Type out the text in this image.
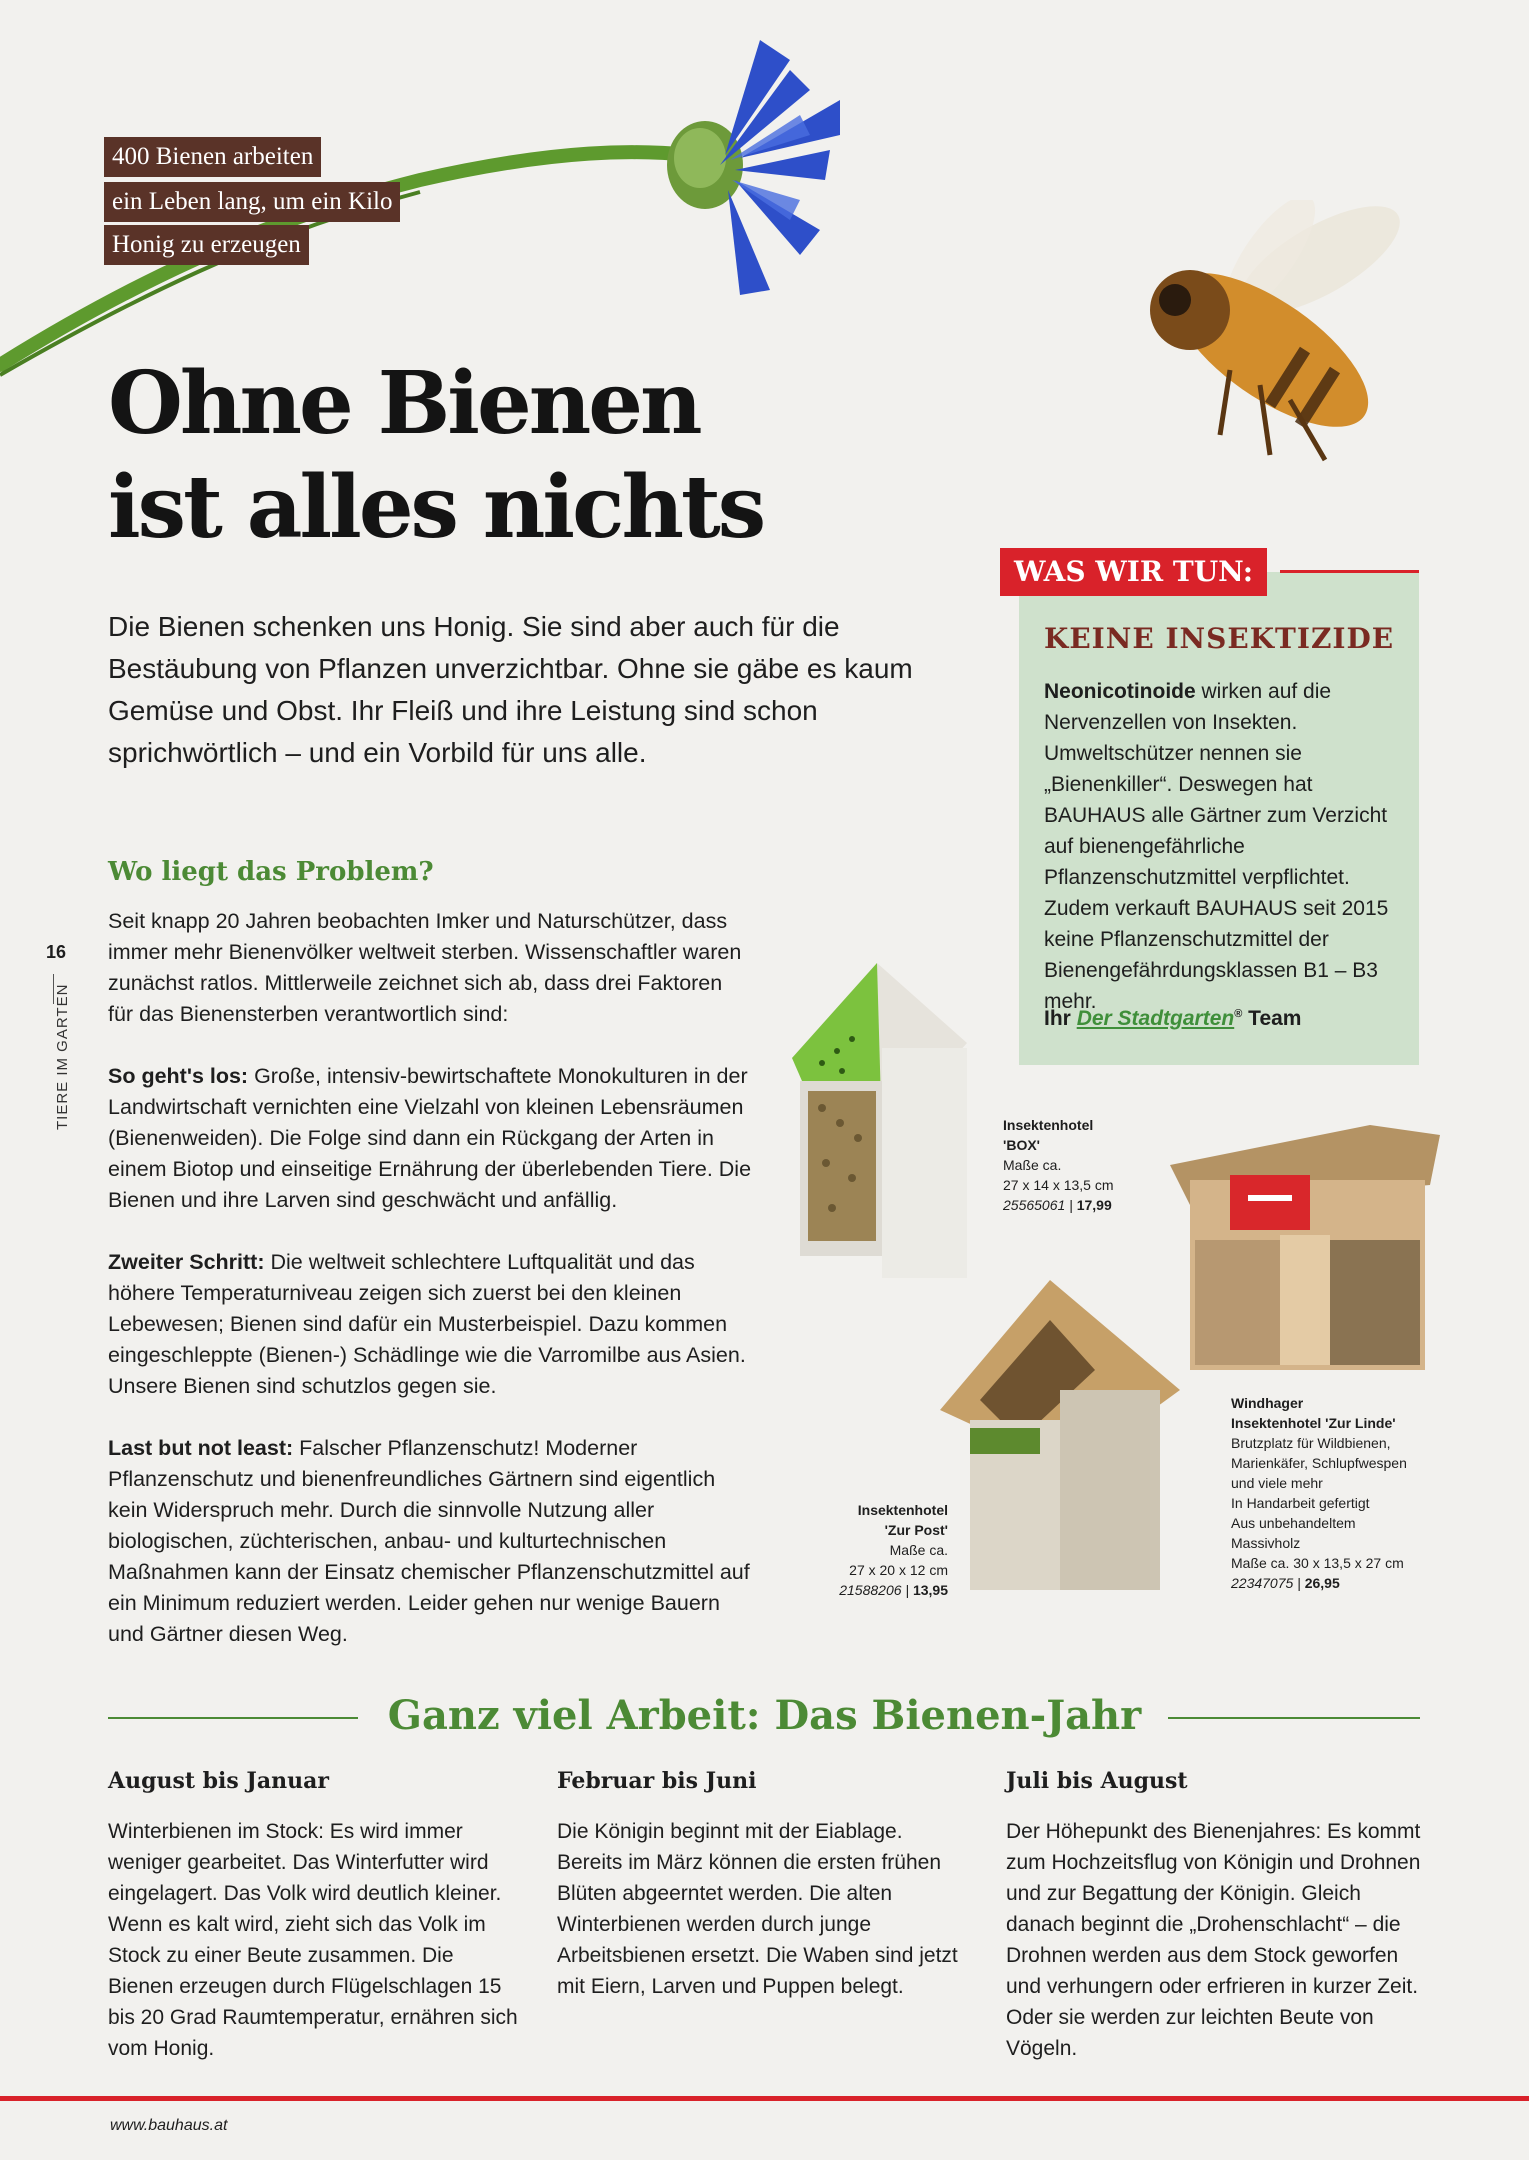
400 Bienen arbeiten
ein Leben lang, um ein Kilo
Honig zu erzeugen
Ohne Bienen
ist alles nichts

Die Bienen schenken uns Honig. Sie sind aber auch für die Bestäubung von Pflanzen unverzichtbar. Ohne sie gäbe es kaum Gemüse und Obst. Ihr Fleiß und ihre Leistung sind schon sprichwörtlich – und ein Vorbild für uns alle.

Wo liegt das Problem?

Seit knapp 20 Jahren beobachten Imker und Naturschützer, dass immer mehr Bienenvölker weltweit sterben. Wissenschaftler waren zunächst ratlos. Mittlerweile zeichnet sich ab, dass drei Faktoren für das Bienensterben verantwortlich sind:

So geht's los: Große, intensiv-bewirtschaftete Monokulturen in der Landwirtschaft vernichten eine Vielzahl von kleinen Lebensräumen (Bienenweiden). Die Folge sind dann ein Rückgang der Arten in einem Biotop und einseitige Ernährung der überlebenden Tiere. Die Bienen und ihre Larven sind geschwächt und anfällig.

Zweiter Schritt: Die weltweit schlechtere Luftqualität und das höhere Temperaturniveau zeigen sich zuerst bei den kleinen Lebewesen; Bienen sind dafür ein Musterbeispiel. Dazu kommen eingeschleppte (Bienen-) Schädlinge wie die Varromilbe aus Asien. Unsere Bienen sind schutzlos gegen sie.

Last but not least: Falscher Pflanzenschutz! Moderner Pflanzenschutz und bienenfreundliches Gärtnern sind eigentlich kein Widerspruch mehr. Durch die sinnvolle Nutzung aller biologischen, züchterischen, anbau- und kulturtechnischen Maßnahmen kann der Einsatz chemischer Pflanzenschutzmittel auf ein Minimum reduziert werden. Leider gehen nur wenige Bauern und Gärtner diesen Weg.

16
TIERE IM GARTEN
WAS WIR TUN:
KEINE INSEKTIZIDE

Neonicotinoide wirken auf die Nervenzellen von Insekten. Umweltschützer nennen sie „Bienenkiller“. Deswegen hat BAUHAUS alle Gärtner zum Verzicht auf bienengefährliche Pflanzenschutzmittel verpflichtet. Zudem verkauft BAUHAUS seit 2015 keine Pflanzenschutzmittel der Bienengefährdungsklassen B1 – B3 mehr.

Ihr Der Stadtgarten® Team
Insektenhotel
'BOX'
Maße ca.
27 x 14 x 13,5 cm
25565061 | 17,99
Insektenhotel
'Zur Post'
Maße ca.
27 x 20 x 12 cm
21588206 | 13,95
Windhager
Insektenhotel 'Zur Linde'
Brutzplatz für Wildbienen,
Marienkäfer, Schlupfwespen
und viele mehr
In Handarbeit gefertigt
Aus unbehandeltem
Massivholz
Maße ca. 30 x 13,5 x 27 cm
22347075 | 26,95
Ganz viel Arbeit: Das Bienen-Jahr
August bis Januar

Winterbienen im Stock: Es wird immer weniger gearbeitet. Das Winterfutter wird eingelagert. Das Volk wird deutlich kleiner. Wenn es kalt wird, zieht sich das Volk im Stock zu einer Beute zusammen. Die Bienen erzeugen durch Flügelschlagen 15 bis 20 Grad Raumtemperatur, ernähren sich vom Honig.

Februar bis Juni

Die Königin beginnt mit der Eiablage. Bereits im März können die ersten frühen Blüten abgeerntet werden. Die alten Winterbienen werden durch junge Arbeitsbienen ersetzt. Die Waben sind jetzt mit Eiern, Larven und Puppen belegt.

Juli bis August

Der Höhepunkt des Bienenjahres: Es kommt zum Hochzeitsflug von Königin und Drohnen und zur Begattung der Königin. Gleich danach beginnt die „Drohenschlacht“ – die Drohnen werden aus dem Stock geworfen und verhungern oder erfrieren in kurzer Zeit. Oder sie werden zur leichten Beute von Vögeln.

www.bauhaus.at
